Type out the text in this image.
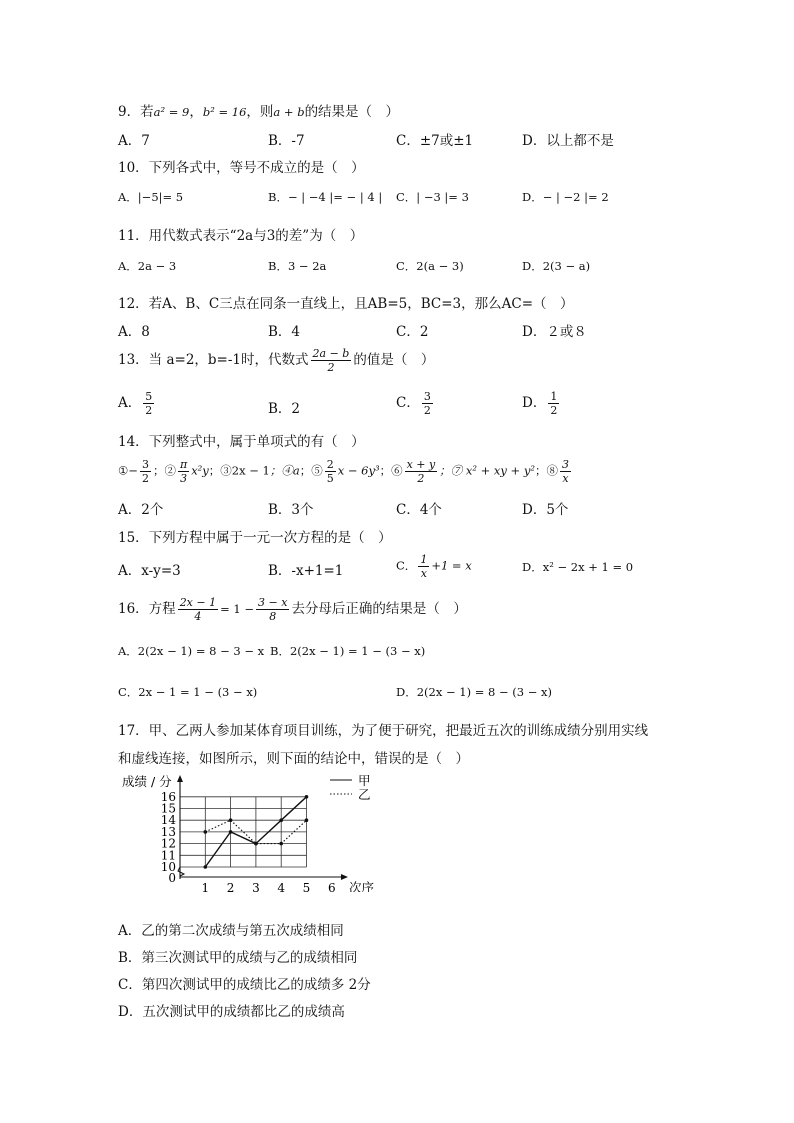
9．若a² = 9，b² = 16，则a + b的结果是（　）
A．7	B．-7	C．±7或±1	D．以上都不是
10．下列各式中，等号不成立的是（　）
A．|−5|= 5	B．− | −4 |= − | 4 | C．| −3 |= 3	D．− | −2 |= 2
11．用代数式表示“2a与3的差”为（　）
A．2a − 3	B．3 − 2a	C．2(a − 3)	D．2(3 − a)
12．若A、B、C三点在同条一直线上，且AB=5，BC=3，那么AC=（　）
A．8	B．4	C．2	D．２或８
13．当 a=2，b=-1时，代数式 $\frac{2a - b}{2}$ 的值是（　）
A． $\frac{5}{2}$	B．2	C． $\frac{3}{2}$	D． $\frac{1}{2}$
14．下列整式中，属于单项式的有（　）
①− $\frac{3}{2}$ ；② $\frac{\pi}{3} x^2y$；③2x − 1；④a；⑤ $\frac{2}{5}$ x − 6y³；⑥ $\frac{x + y}{2}$ ；⑦ x² + xy + y²；⑧ $\frac{3}{x}$
A．2个	B．3个	C．4个	D．5个
15．下列方程中属于一元一次方程的是（　）
A．x-y=3	B．-x+1=1	C． $\frac{1}{x} +1 = x$	D．x² − 2x + 1 = 0
16．方程 $\frac{2x - 1}{4} = 1 - \frac{3 - x}{8}$ 去分母后正确的结果是（　）
A．2(2x − 1) = 8 − 3 − x B．2(2x − 1) = 1 − (3 − x)
C．2x − 1 = 1 − (3 − x)	D．2(2x − 1) = 8 − (3 − x)
17．甲、乙两人参加某体育项目训练，为了便于研究，把最近五次的训练成绩分别用实线
和虚线连接，如图所示，则下面的结论中，错误的是（　）
10
11
12
13
14
15
16
0
1 2 3 4 5 6
成绩 / 分
次序
甲
乙
A．乙的第二次成绩与第五次成绩相同
B．第三次测试甲的成绩与乙的成绩相同
C．第四次测试甲的成绩比乙的成绩多 2分
D．五次测试甲的成绩都比乙的成绩高
